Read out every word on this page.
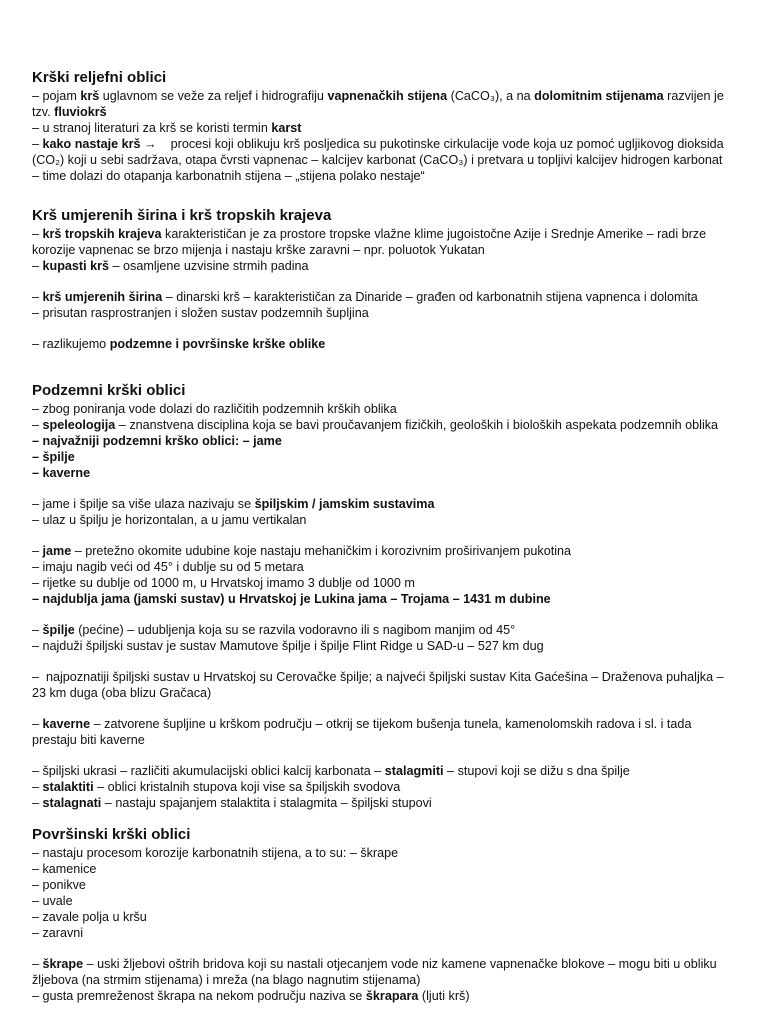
Krški reljefni oblici

– pojam krš uglavnom se veže za reljef i hidrografiju vapnenačkih stijena (CaCO₃), a na dolomitnim stijenama razvijen je tzv. fluviokrš

– u stranoj literaturi za krš se koristi termin karst

– kako nastaje krš →    procesi koji oblikuju krš posljedica su pukotinske cirkulacije vode koja uz pomoć ugljikovog dioksida (CO₂) koji u sebi sadržava, otapa čvrsti vapnenac – kalcijev karbonat (CaCO₃) i pretvara u topljivi kalcijev hidrogen karbonat

– time dolazi do otapanja karbonatnih stijena – „stijena polako nestaje“

Krš umjerenih širina i krš tropskih krajeva

– krš tropskih krajeva karakterističan je za prostore tropske vlažne klime jugoistočne Azije i Srednje Amerike – radi brze korozije vapnenac se brzo mijenja i nastaju krške zaravni – npr. poluotok Yukatan

– kupasti krš – osamljene uzvisine strmih padina

– krš umjerenih širina – dinarski krš – karakterističan za Dinaride – građen od karbonatnih stijena vapnenca i dolomita

– prisutan rasprostranjen i složen sustav podzemnih šupljina

– razlikujemo podzemne i površinske krške oblike

Podzemni krški oblici

– zbog poniranja vode dolazi do različitih podzemnih krških oblika

– speleologija – znanstvena disciplina koja se bavi proučavanjem fizičkih, geoloških i bioloških aspekata podzemnih oblika

– najvažniji podzemni krško oblici: – jame

– špilje

– kaverne

– jame i špilje sa više ulaza nazivaju se špiljskim / jamskim sustavima

– ulaz u špilju je horizontalan, a u jamu vertikalan

– jame – pretežno okomite udubine koje nastaju mehaničkim i korozivnim proširivanjem pukotina

– imaju nagib veći od 45° i dublje su od 5 metara

– rijetke su dublje od 1000 m, u Hrvatskoj imamo 3 dublje od 1000 m

– najdublja jama (jamski sustav) u Hrvatskoj je Lukina jama – Trojama – 1431 m dubine

– špilje (pećine) – udubljenja koja su se razvila vodoravno ili s nagibom manjim od 45°

– najduži špiljski sustav je sustav Mamutove špilje i špilje Flint Ridge u SAD-u – 527 km dug

–  najpoznatiji špiljski sustav u Hrvatskoj su Cerovačke špilje; a najveći špiljski sustav Kita Gaćešina – Draženova puhaljka – 23 km duga (oba blizu Gračaca)

– kaverne – zatvorene šupljine u krškom području – otkrij se tijekom bušenja tunela, kamenolomskih radova i sl. i tada prestaju biti kaverne

– špiljski ukrasi – različiti akumulacijski oblici kalcij karbonata – stalagmiti – stupovi koji se dižu s dna špilje

– stalaktiti – oblici kristalnih stupova koji vise sa špiljskih svodova

– stalagnati – nastaju spajanjem stalaktita i stalagmita – špiljski stupovi

Površinski krški oblici

– nastaju procesom korozije karbonatnih stijena, a to su: – škrape

– kamenice

– ponikve

– uvale

– zavale polja u kršu

– zaravni

– škrape – uski žljebovi oštrih bridova koji su nastali otjecanjem vode niz kamene vapnenačke blokove – mogu biti u obliku žljebova (na strmim stijenama) i mreža (na blago nagnutim stijenama)

– gusta premreženost škrapa na nekom području naziva se škrapara (ljuti krš)
